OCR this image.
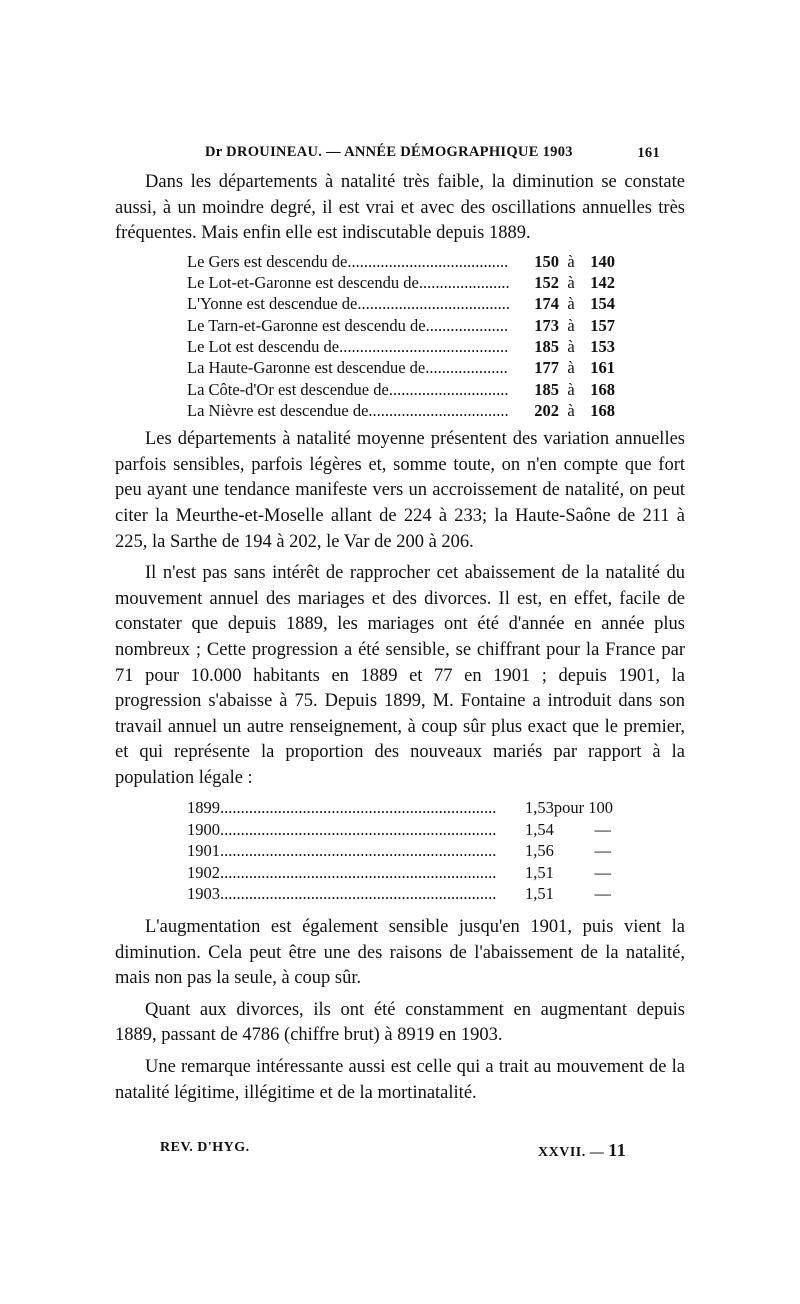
Dr DROUINEAU. — ANNÉE DÉMOGRAPHIQUE 1903	161

Dans les départements à natalité très faible, la diminution se constate aussi, à un moindre degré, il est vrai et avec des oscillations annuelles très fréquentes. Mais enfin elle est indiscutable depuis 1889.

Le Gers est descendu de .....	150 à 140
Le Lot-et-Garonne est descendu de .....	152 à 142
L'Yonne est descendue de .....	174 à 154
Le Tarn-et-Garonne est descendu de .....	173 à 157
Le Lot est descendu de .....	185 à 153
La Haute-Garonne est descendue de .....	177 à 161
La Côte-d'Or est descendue de .....	185 à 168
La Nièvre est descendue de .....	202 à 168

Les départements à natalité moyenne présentent des variation annuelles parfois sensibles, parfois légères et, somme toute, on n'en compte que fort peu ayant une tendance manifeste vers un accroissement de natalité, on peut citer la Meurthe-et-Moselle allant de 224 à 233; la Haute-Saône de 211 à 225, la Sarthe de 194 à 202, le Var de 200 à 206.

Il n'est pas sans intérêt de rapprocher cet abaissement de la natalité du mouvement annuel des mariages et des divorces. Il est, en effet, facile de constater que depuis 1889, les mariages ont été d'année en année plus nombreux ; Cette progression a été sensible, se chiffrant pour la France par 71 pour 10.000 habitants en 1889 et 77 en 1901 ; depuis 1901, la progression s'abaisse à 75. Depuis 1899, M. Fontaine a introduit dans son travail annuel un autre renseignement, à coup sûr plus exact que le premier, et qui représente la proportion des nouveaux mariés par rapport à la population légale :

1899 .....	1,53 pour 100
1900 .....	1,54	—
1901 .....	1,56	—
1902 .....	1,51	—
1903 .....	1,51	—

L'augmentation est également sensible jusqu'en 1901, puis vient la diminution. Cela peut être une des raisons de l'abaissement de la natalité, mais non pas la seule, à coup sûr.

Quant aux divorces, ils ont été constamment en augmentant depuis 1889, passant de 4786 (chiffre brut) à 8919 en 1903.

Une remarque intéressante aussi est celle qui a trait au mouvement de la natalité légitime, illégitime et de la mortinatalité.

REV. D'HYG.	XXVII. — 11
